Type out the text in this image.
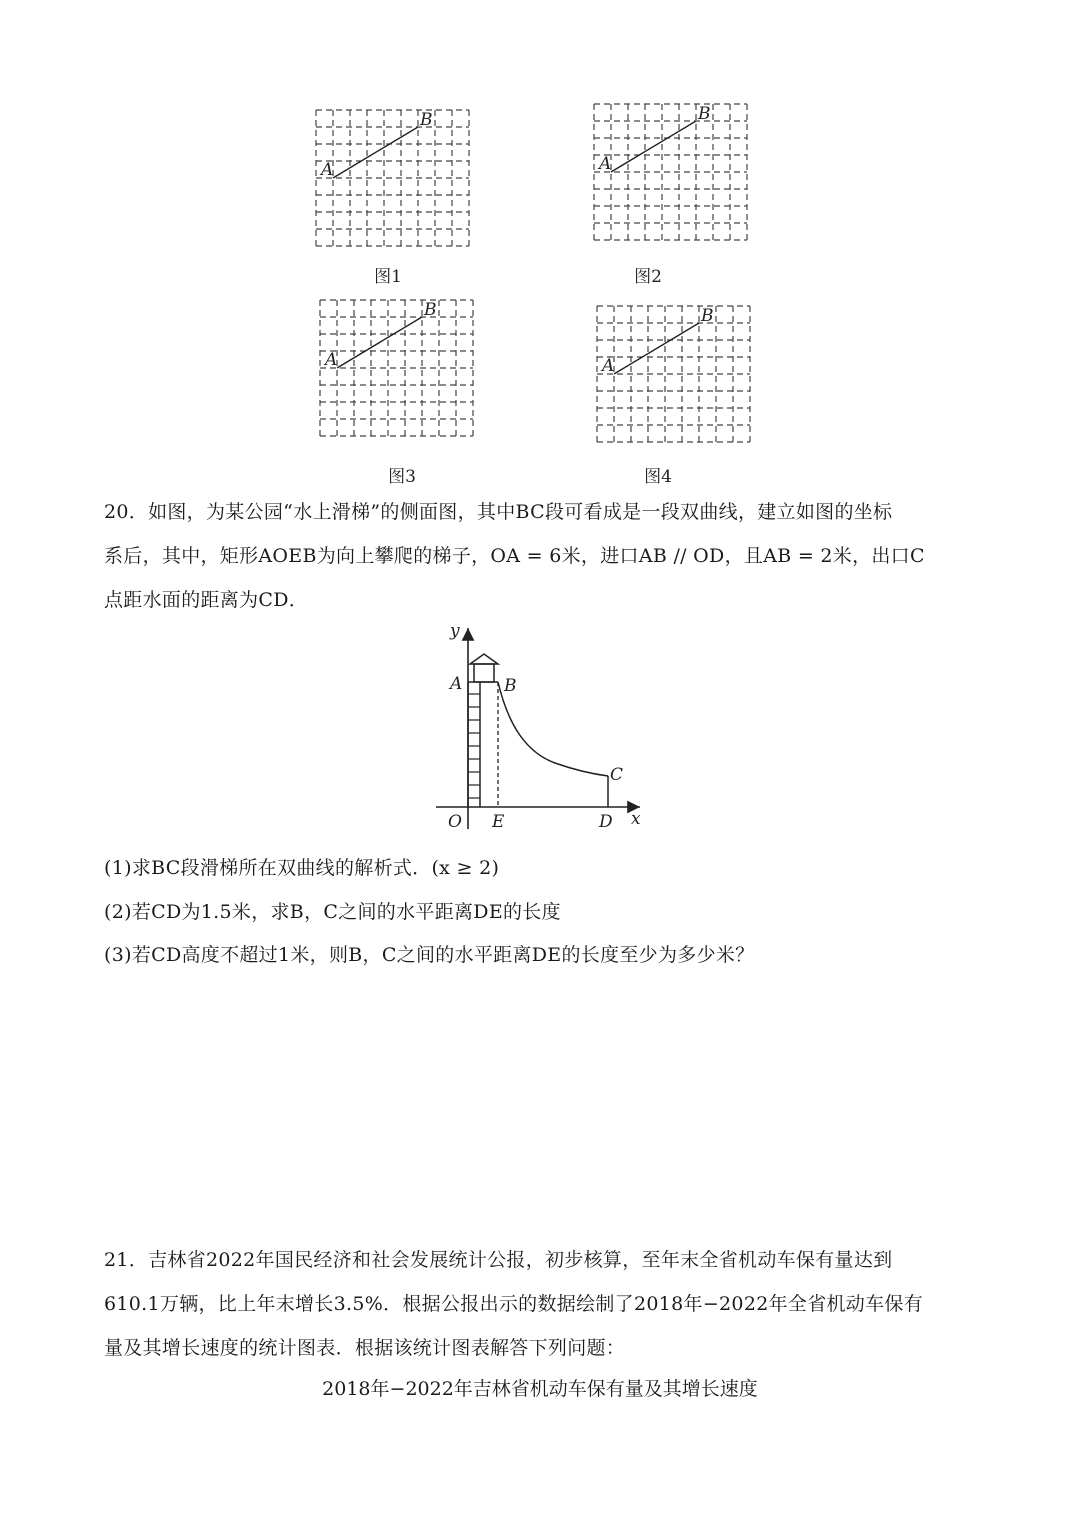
A
B
A
B
A
B
A
B
图1	图2
图3	图4
20．如图，为某公园“水上滑梯”的侧面图，其中BC段可看成是一段双曲线，建立如图的坐标
系后，其中，矩形AOEB为向上攀爬的梯子，OA = 6米，进口AB // OD，且AB = 2米，出口C
点距水面的距离为CD．
y
A B
C
O E	D x
(1)求BC段滑梯所在双曲线的解析式．(x ≥ 2)
(2)若CD为1.5米，求B，C之间的水平距离DE的长度
(3)若CD高度不超过1米，则B，C之间的水平距离DE的长度至少为多少米？
21．吉林省2022年国民经济和社会发展统计公报，初步核算，至年末全省机动车保有量达到
610.1万辆，比上年末增长3.5%．根据公报出示的数据绘制了2018年−2022年全省机动车保有
量及其增长速度的统计图表．根据该统计图表解答下列问题：
2018年−2022年吉林省机动车保有量及其增长速度
